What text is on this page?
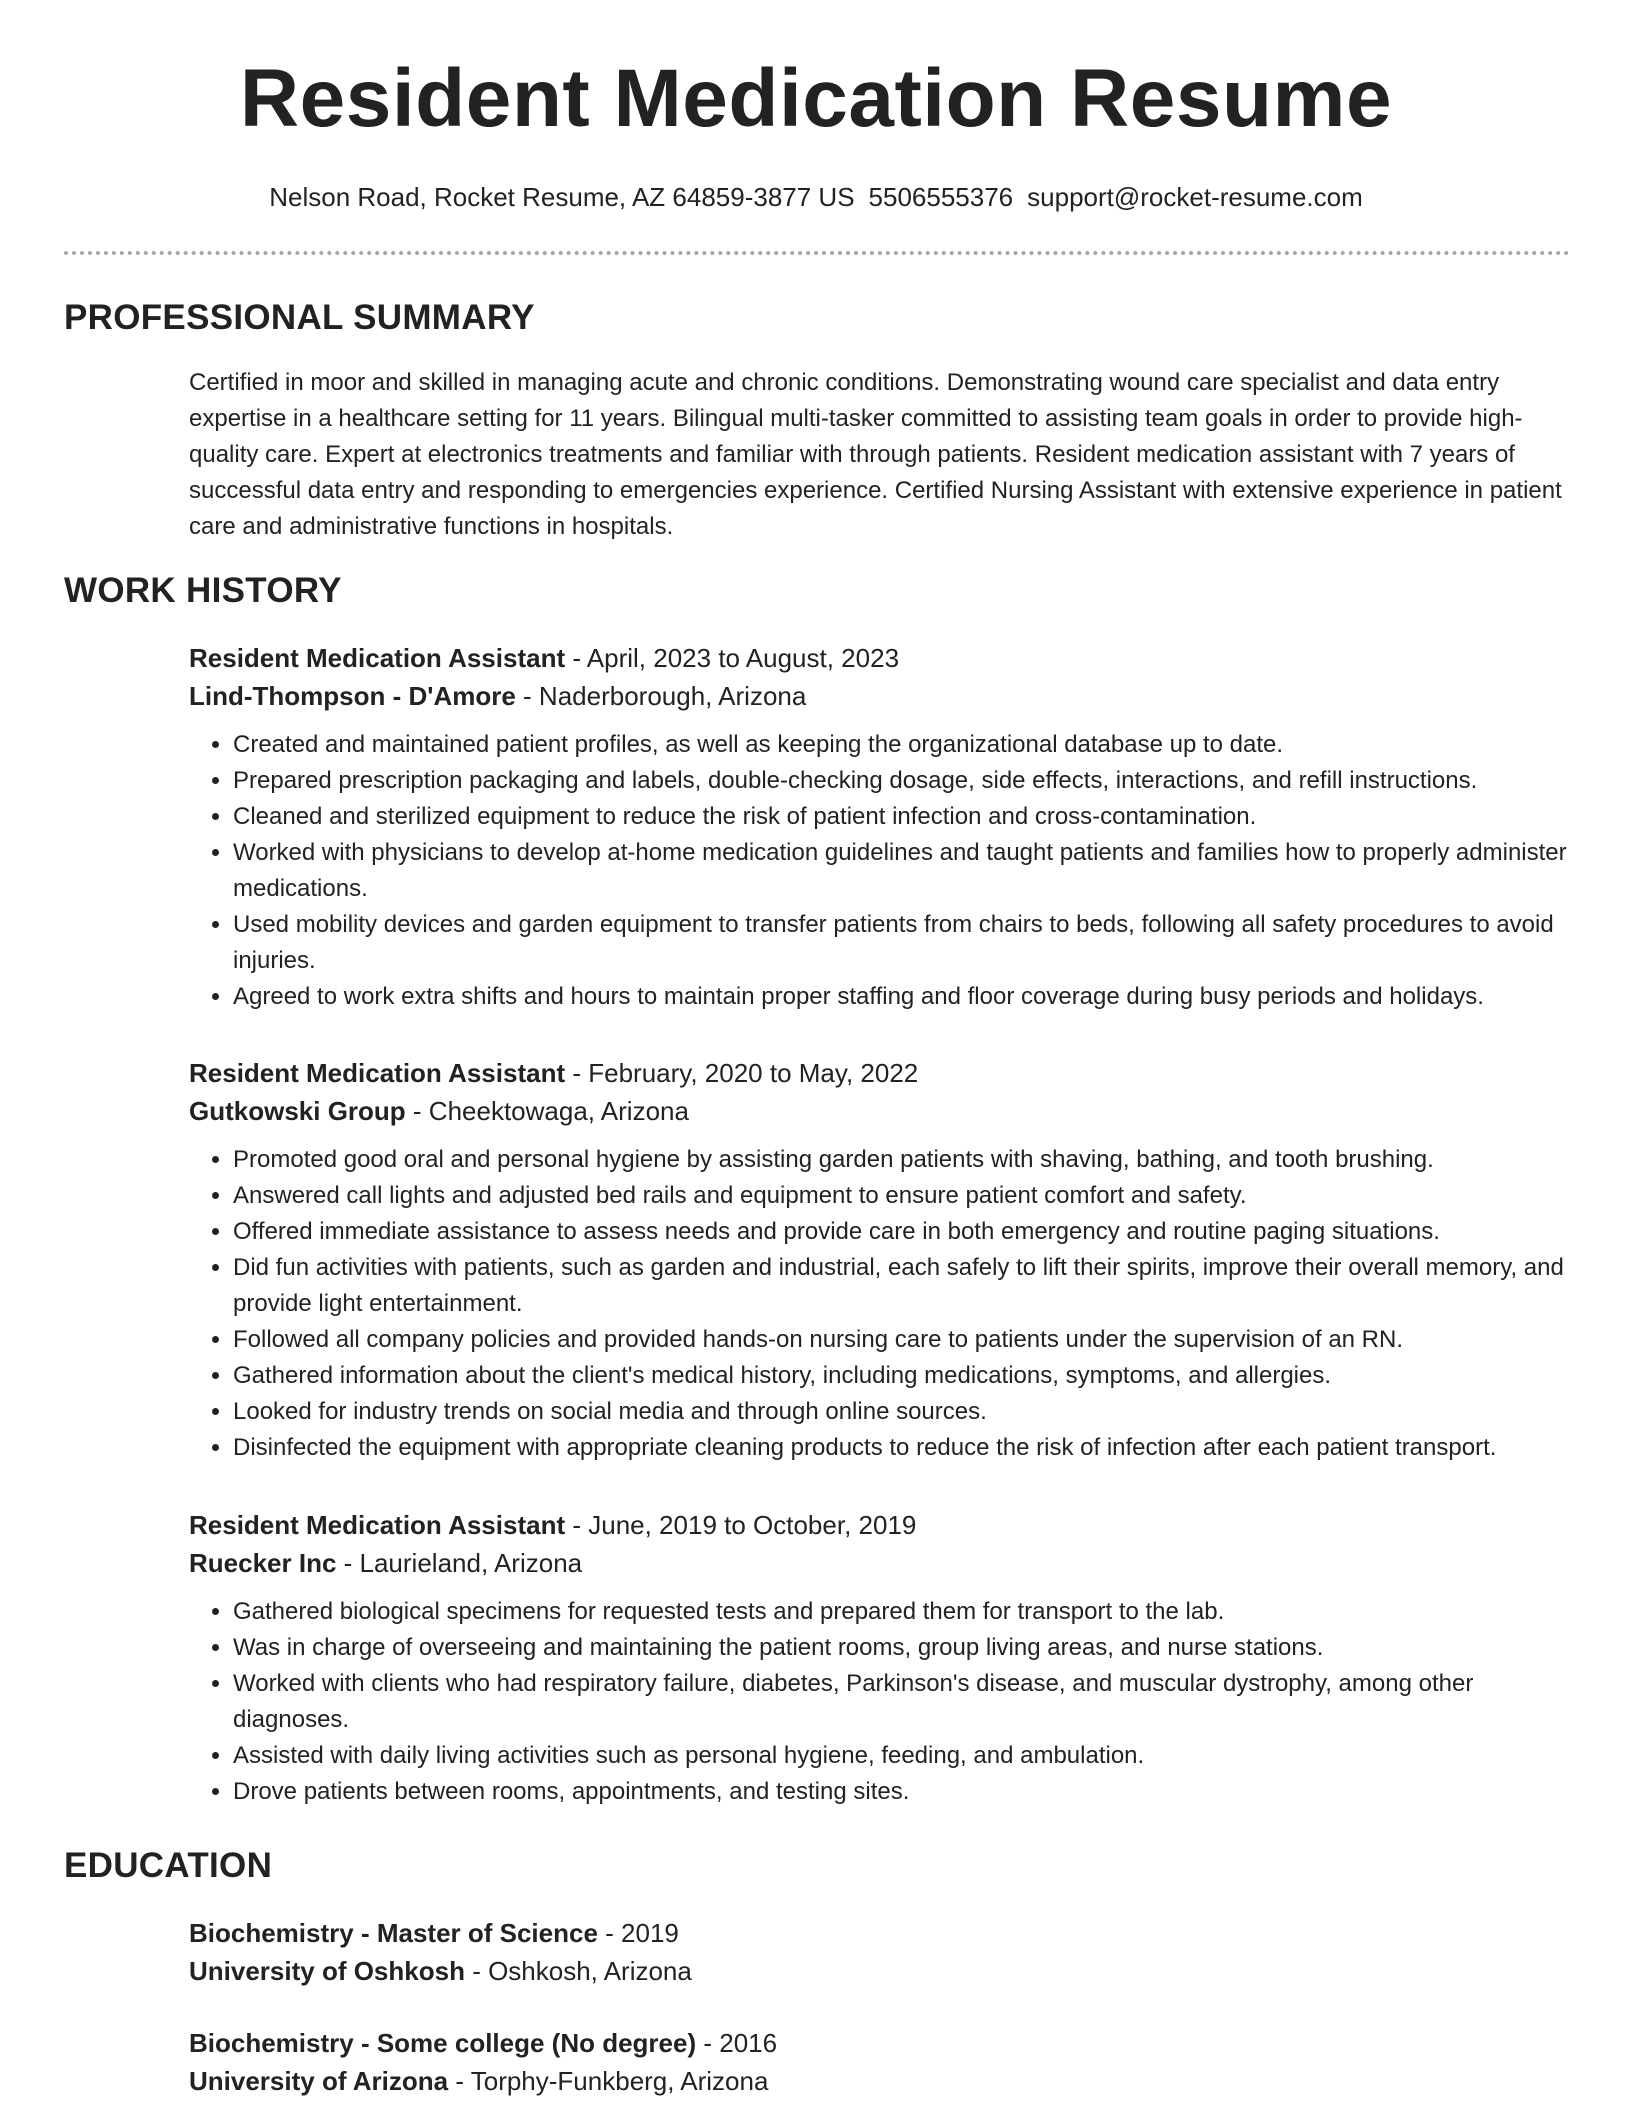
Resident Medication Resume
Nelson Road, Rocket Resume, AZ 64859-3877 US 5506555376 support@rocket-resume.com
PROFESSIONAL SUMMARY
Certified in moor and skilled in managing acute and chronic conditions. Demonstrating wound care specialist and data entry expertise in a healthcare setting for 11 years. Bilingual multi-tasker committed to assisting team goals in order to provide high-quality care. Expert at electronics treatments and familiar with through patients. Resident medication assistant with 7 years of successful data entry and responding to emergencies experience. Certified Nursing Assistant with extensive experience in patient care and administrative functions in hospitals.
WORK HISTORY
Resident Medication Assistant - April, 2023 to August, 2023
Lind-Thompson - D'Amore - Naderborough, Arizona
• Created and maintained patient profiles, as well as keeping the organizational database up to date.
• Prepared prescription packaging and labels, double-checking dosage, side effects, interactions, and refill instructions.
• Cleaned and sterilized equipment to reduce the risk of patient infection and cross-contamination.
• Worked with physicians to develop at-home medication guidelines and taught patients and families how to properly administer medications.
• Used mobility devices and garden equipment to transfer patients from chairs to beds, following all safety procedures to avoid injuries.
• Agreed to work extra shifts and hours to maintain proper staffing and floor coverage during busy periods and holidays.
Resident Medication Assistant - February, 2020 to May, 2022
Gutkowski Group - Cheektowaga, Arizona
• Promoted good oral and personal hygiene by assisting garden patients with shaving, bathing, and tooth brushing.
• Answered call lights and adjusted bed rails and equipment to ensure patient comfort and safety.
• Offered immediate assistance to assess needs and provide care in both emergency and routine paging situations.
• Did fun activities with patients, such as garden and industrial, each safely to lift their spirits, improve their overall memory, and provide light entertainment.
• Followed all company policies and provided hands-on nursing care to patients under the supervision of an RN.
• Gathered information about the client's medical history, including medications, symptoms, and allergies.
• Looked for industry trends on social media and through online sources.
• Disinfected the equipment with appropriate cleaning products to reduce the risk of infection after each patient transport.
Resident Medication Assistant - June, 2019 to October, 2019
Ruecker Inc - Laurieland, Arizona
• Gathered biological specimens for requested tests and prepared them for transport to the lab.
• Was in charge of overseeing and maintaining the patient rooms, group living areas, and nurse stations.
• Worked with clients who had respiratory failure, diabetes, Parkinson's disease, and muscular dystrophy, among other diagnoses.
• Assisted with daily living activities such as personal hygiene, feeding, and ambulation.
• Drove patients between rooms, appointments, and testing sites.
EDUCATION
Biochemistry - Master of Science - 2019
University of Oshkosh - Oshkosh, Arizona
Biochemistry - Some college (No degree) - 2016
University of Arizona - Torphy-Funkberg, Arizona
